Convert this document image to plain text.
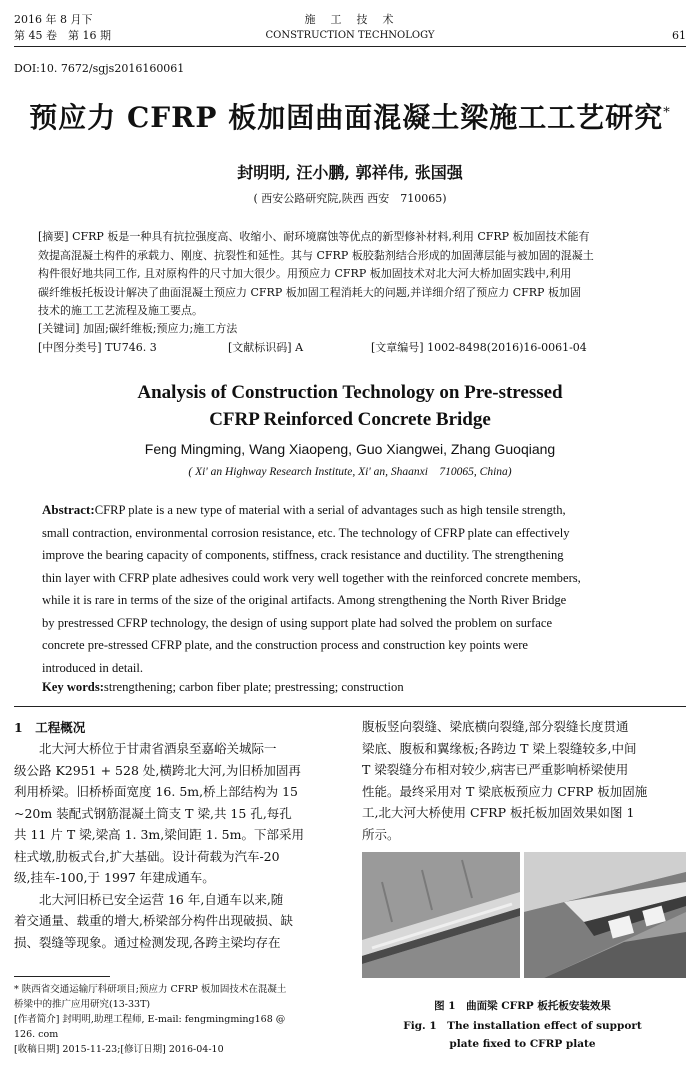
2016 年 8 月下
第 45 卷　第 16 期
施　工　技　术
CONSTRUCTION TECHNOLOGY	61
DOI:10. 7672/sgjs2016160061
预应力 CFRP 板加固曲面混凝土梁施工工艺研究*
封明明, 汪小鹏, 郭祥伟, 张国强
( 西安公路研究院,陕西 西安　710065)
[摘要] CFRP 板是一种具有抗拉强度高、收缩小、耐环境腐蚀等优点的新型修补材料,利用 CFRP 板加固技术能有
效提高混凝土构件的承载力、刚度、抗裂性和延性。其与 CFRP 板胶黏剂结合形成的加固薄层能与被加固的混凝土
构件很好地共同工作, 且对原构件的尺寸加大很少。用预应力 CFRP 板加固技术对北大河大桥加固实践中,利用
碳纤维板托板设计解决了曲面混凝土预应力 CFRP 板加固工程消耗大的问题,并详细介绍了预应力 CFRP 板加固
技术的施工工艺流程及施工要点。
[关键词] 加固;碳纤维板;预应力;施工方法
[中图分类号] TU746. 3	[文献标识码] A	[文章编号] 1002-8498(2016)16-0061-04
Analysis of Construction Technology on Pre-stressed
CFRP Reinforced Concrete Bridge
Feng Mingming, Wang Xiaopeng, Guo Xiangwei, Zhang Guoqiang
( Xi' an Highway Research Institute, Xi' an, Shaanxi　710065, China)
Abstract:CFRP plate is a new type of material with a serial of advantages such as high tensile strength,
small contraction, environmental corrosion resistance, etc. The technology of CFRP plate can effectively
improve the bearing capacity of components, stiffness, crack resistance and ductility. The strengthening
thin layer with CFRP plate adhesives could work very well together with the reinforced concrete members,
while it is rare in terms of the size of the original artifacts. Among strengthening the North River Bridge
by prestressed CFRP technology, the design of using support plate had solved the problem on surface
concrete pre-stressed CFRP plate, and the construction process and construction key points were
introduced in detail.
Key words:strengthening; carbon fiber plate; prestressing; construction
1　工程概况
　　北大河大桥位于甘肃省酒泉至嘉峪关城际一
级公路 K2951 + 528 处,横跨北大河,为旧桥加固再
利用桥梁。旧桥桥面宽度 16. 5m,桥上部结构为 15
~20m 装配式钢筋混凝土筒支 T 梁,共 15 孔,每孔
共 11 片 T 梁,梁高 1. 3m,梁间距 1. 5m。下部采用
柱式墩,肋板式台,扩大基础。设计荷载为汽车-20
级,挂车-100,于 1997 年建成通车。
　　北大河旧桥已安全运营 16 年,自通车以来,随
着交通量、载重的增大,桥梁部分构件出现破损、缺
损、裂缝等现象。通过检测发现,各跨主梁均存在
腹板竖向裂缝、梁底横向裂缝,部分裂缝长度贯通
梁底、腹板和翼缘板;各跨边 T 梁上裂缝较多,中间
T 梁裂缝分布相对较少,病害已严重影响桥梁使用
性能。最终采用对 T 梁底板预应力 CFRP 板加固施
工,北大河大桥使用 CFRP 板托板加固效果如图 1
所示。
图 1　曲面梁 CFRP 板托板安装效果
Fig. 1　The installation effect of support
plate fixed to CFRP plate
* 陕西省交通运输厅科研项目;预应力 CFRP 板加固技术在混凝土
桥梁中的推广应用研究(13-33T)
[作者简介] 封明明,助理工程师, E-mail: fengmingming168 @
126. com
[收稿日期] 2015-11-23;[修订日期] 2016-04-10
